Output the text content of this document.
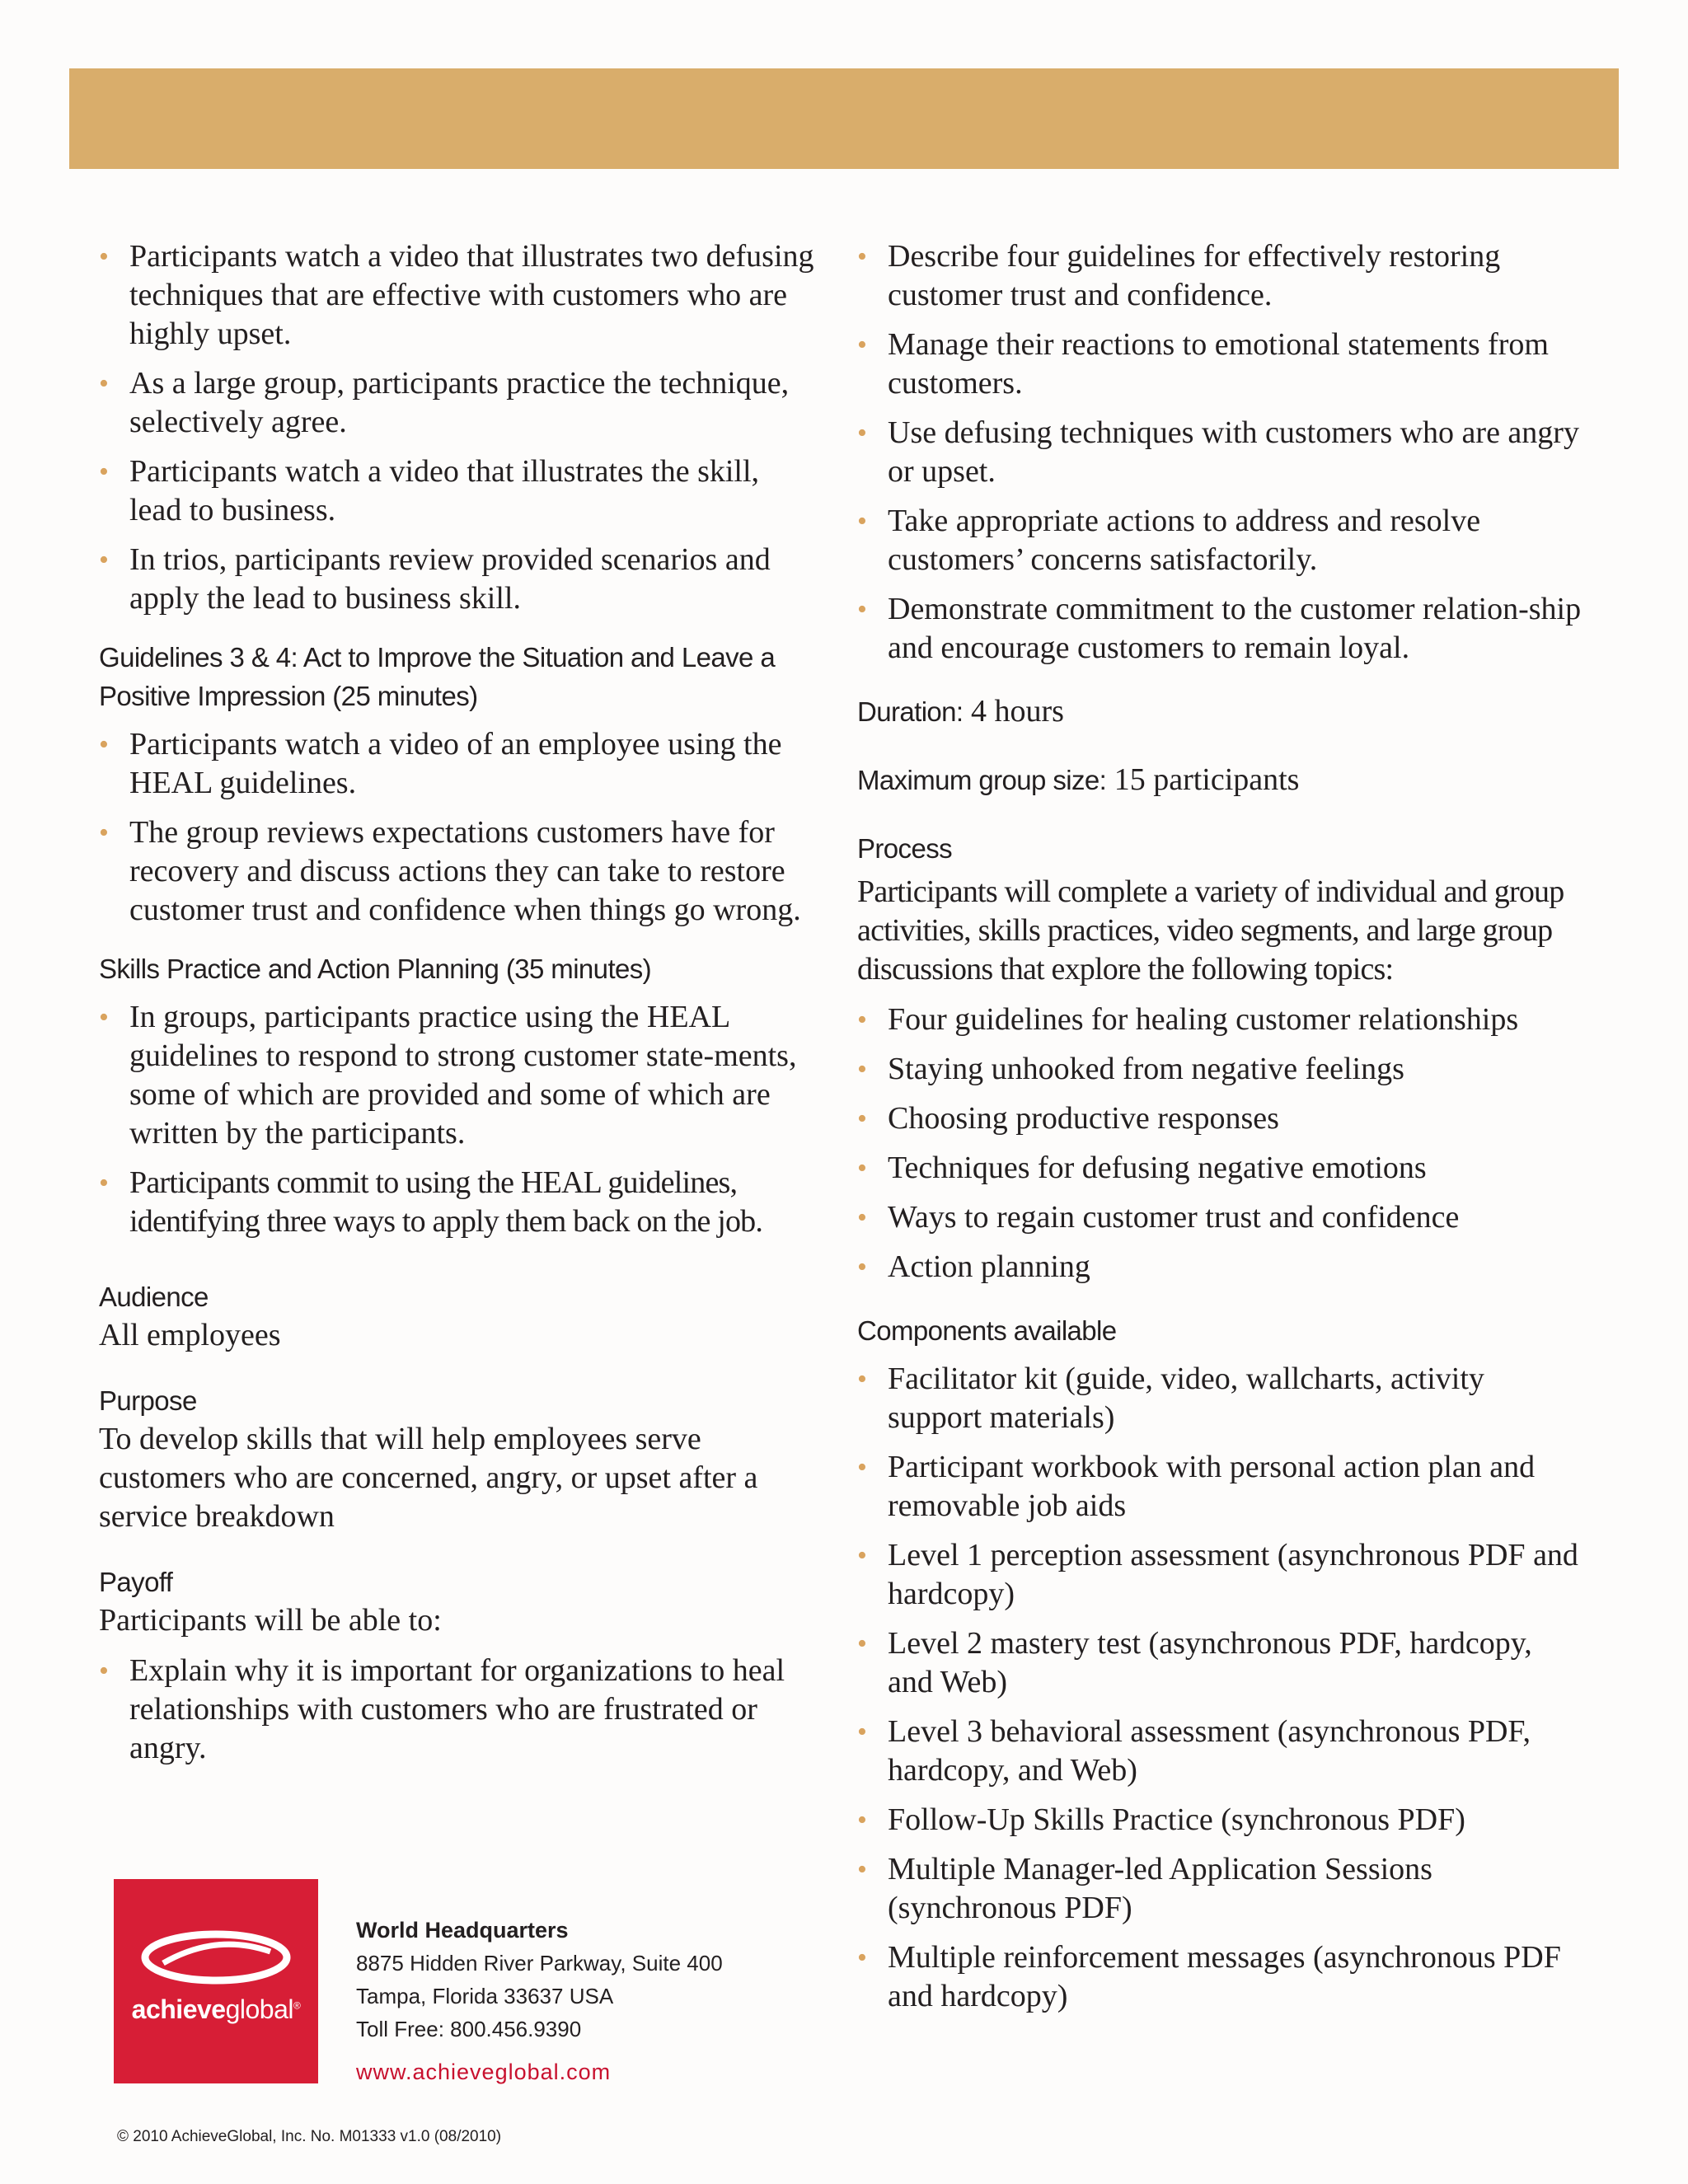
• Participants watch a video that illustrates two defusing techniques that are effective with customers who are highly upset.
• As a large group, participants practice the technique, selectively agree.
• Participants watch a video that illustrates the skill, lead to business.
• In trios, participants review provided scenarios and apply the lead to business skill.

Guidelines 3 & 4: Act to Improve the Situation and Leave a Positive Impression (25 minutes)

• Participants watch a video of an employee using the HEAL guidelines.
• The group reviews expectations customers have for recovery and discuss actions they can take to restore customer trust and confidence when things go wrong.

Skills Practice and Action Planning (35 minutes)

• In groups, participants practice using the HEAL guidelines to respond to strong customer state-ments, some of which are provided and some of which are written by the participants.
• Participants commit to using the HEAL guidelines, identifying three ways to apply them back on the job.

Audience

All employees

Purpose

To develop skills that will help employees serve customers who are concerned, angry, or upset after a service breakdown

Payoff

Participants will be able to:

• Explain why it is important for organizations to heal relationships with customers who are frustrated or angry.
• Describe four guidelines for effectively restoring customer trust and confidence.
• Manage their reactions to emotional statements from customers.
• Use defusing techniques with customers who are angry or upset.
• Take appropriate actions to address and resolve customers’ concerns satisfactorily.
• Demonstrate commitment to the customer relation-ship and encourage customers to remain loyal.

Duration: 4 hours

Maximum group size: 15 participants

Process

Participants will complete a variety of individual and group activities, skills practices, video segments, and large group discussions that explore the following topics:

• Four guidelines for healing customer relationships
• Staying unhooked from negative feelings
• Choosing productive responses
• Techniques for defusing negative emotions
• Ways to regain customer trust and confidence
• Action planning

Components available

• Facilitator kit (guide, video, wallcharts, activity support materials)
• Participant workbook with personal action plan and removable job aids
• Level 1 perception assessment (asynchronous PDF and hardcopy)
• Level 2 mastery test (asynchronous PDF, hardcopy, and Web)
• Level 3 behavioral assessment (asynchronous PDF, hardcopy, and Web)
• Follow-Up Skills Practice (synchronous PDF)
• Multiple Manager-led Application Sessions (synchronous PDF)
• Multiple reinforcement messages (asynchronous PDF and hardcopy)
achieveglobal®
World Headquarters
8875 Hidden River Parkway, Suite 400
Tampa, Florida 33637 USA
Toll Free: 800.456.9390
www.achieveglobal.com
© 2010 AchieveGlobal, Inc. No. M01333 v1.0 (08/2010)
